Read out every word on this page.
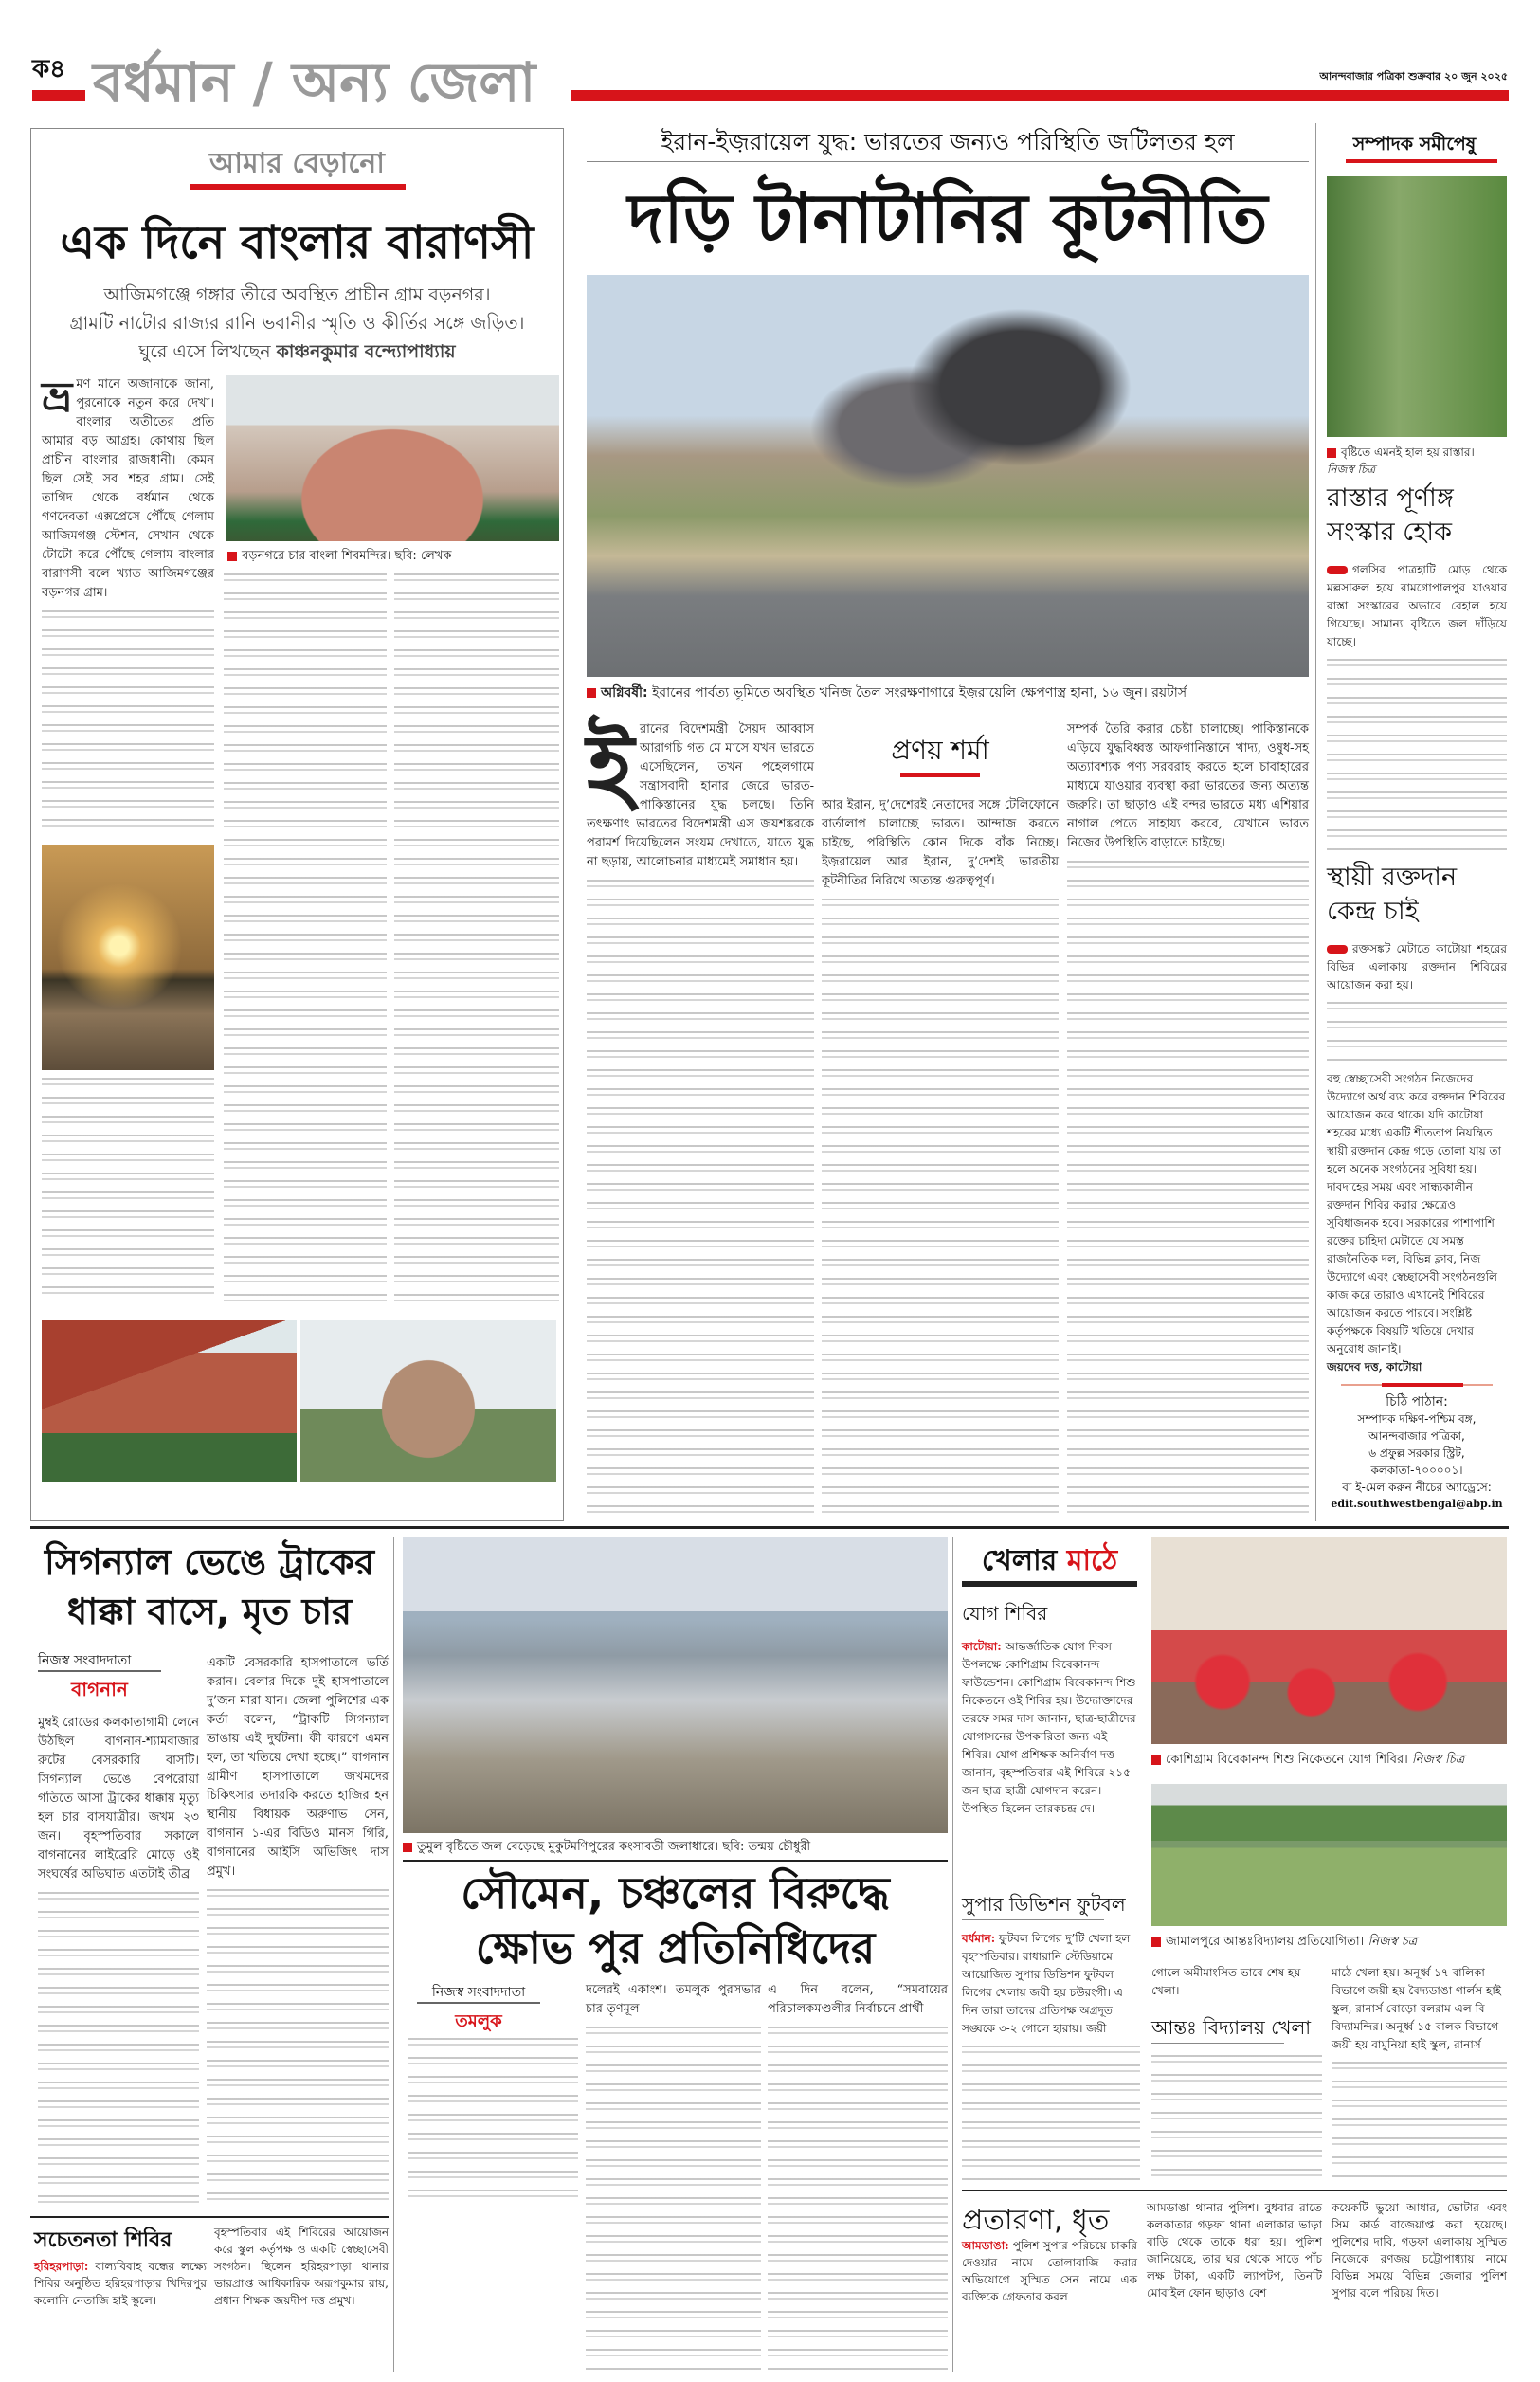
ক৪ বর্ধমান / অন্য জেলা	আনন্দবাজার পত্রিকা শুক্রবার ২০ জুন ২০২৫
আমার বেড়ানো
এক দিনে বাংলার বারাণসী
আজিমগঞ্জে গঙ্গার তীরে অবস্থিত প্রাচীন গ্রাম বড়নগর।
গ্রামটি নাটোর রাজ্যর রানি ভবানীর স্মৃতি ও কীর্তির সঙ্গে জড়িত।
ঘুরে এসে লিখছেন কাঞ্চনকুমার বন্দ্যোপাধ্যায়
ভ্র মণ মানে অজানাকে জানা, পুরনোকে নতুন করে দেখা। বাংলার অতীতের প্রতি আমার বড় আগ্রহ। কোথায় ছিল প্রাচীন বাংলার রাজধানী। কেমন ছিল সেই সব শহর গ্রাম। সেই তাগিদ থেকে বর্ধমান থেকে গণদেবতা এক্সপ্রেসে পৌঁছে গেলাম আজিমগঞ্জ স্টেশন, সেখান থেকে টোটো করে পৌঁছে গেলাম বাংলার বারাণসী বলে খ্যাত আজিমগঞ্জের বড়নগর গ্রাম।
বড়নগরে চার বাংলা শিবমন্দির। ছবি: লেখক
ইরান-ইজ়রায়েল যুদ্ধ: ভারতের জন্যও পরিস্থিতি জটিলতর হল
দড়ি টানাটানির কূটনীতি
অগ্নিবর্ষী: ইরানের পার্বত্য ভূমিতে অবস্থিত খনিজ তৈল সংরক্ষণাগারে ইজ়রায়েলি ক্ষেপণাস্ত্র হানা, ১৬ জুন। রয়টার্স
ইরানের বিদেশমন্ত্রী সৈয়দ আব্বাস আরাগচি গত মে মাসে যখন ভারতে এসেছিলেন, তখন পহেলগামে সন্ত্রাসবাদী হানার জেরে ভারত-পাকিস্তানের যুদ্ধ চলছে। তিনি তৎক্ষণাৎ ভারতের বিদেশমন্ত্রী এস জয়শঙ্করকে পরামর্শ দিয়েছিলেন সংযম দেখাতে, যাতে যুদ্ধ না ছড়ায়, আলোচনার মাধ্যমেই সমাধান হয়।
প্রণয় শর্মা
আর ইরান, দু’দেশেরই নেতাদের সঙ্গে টেলিফোনে বার্তালাপ চালাচ্ছে ভারত। আন্দাজ করতে চাইছে, পরিস্থিতি কোন দিকে বাঁক নিচ্ছে। ইজ়রায়েল আর ইরান, দু’দেশই ভারতীয় কূটনীতির নিরিখে অত্যন্ত গুরুত্বপূর্ণ।
সম্পর্ক তৈরি করার চেষ্টা চালাচ্ছে। পাকিস্তানকে এড়িয়ে যুদ্ধবিধ্বস্ত আফগানিস্তানে খাদ্য, ওষুধ-সহ অত্যাবশ্যক পণ্য সরবরাহ করতে হলে চাবাহারের মাধ্যমে যাওয়ার ব্যবস্থা করা ভারতের জন্য অত্যন্ত জরুরি। তা ছাড়াও এই বন্দর ভারতে মধ্য এশিয়ার নাগাল পেতে সাহায্য করবে, যেখানে ভারত নিজের উপস্থিতি বাড়াতে চাইছে।
সম্পাদক সমীপেষু
বৃষ্টিতে এমনই হাল হয় রাস্তার।
নিজস্ব চিত্র
রাস্তার পূর্ণাঙ্গ সংস্কার হোক
গলসির পাত্রহাটি মোড় থেকে মল্লসারুল হয়ে রামগোপালপুর যাওয়ার রাস্তা সংস্কারের অভাবে বেহাল হয়ে গিয়েছে। সামান্য বৃষ্টিতে জল দাঁড়িয়ে যাচ্ছে।
স্থায়ী রক্তদান কেন্দ্র চাই
রক্তসঙ্কট মেটাতে কাটোয়া শহরের বিভিন্ন এলাকায় রক্তদান শিবিরের আয়োজন করা হয়।
বহু স্বেচ্ছাসেবী সংগঠন নিজেদের উদ্যোগে অর্থ ব্যয় করে রক্তদান শিবিরের আয়োজন করে থাকে। যদি কাটোয়া শহরের মধ্যে একটি শীততাপ নিয়ন্ত্রিত স্থায়ী রক্তদান কেন্দ্র গড়ে তোলা যায় তা হলে অনেক সংগঠনের সুবিধা হয়। দাবদাহের সময় এবং সান্ধ্যকালীন রক্তদান শিবির করার ক্ষেত্রেও সুবিধাজনক হবে। সরকারের পাশাপাশি রক্তের চাহিদা মেটাতে যে সমস্ত রাজনৈতিক দল, বিভিন্ন ক্লাব, নিজ উদ্যোগে এবং স্বেচ্ছাসেবী সংগঠনগুলি কাজ করে তারাও এখানেই শিবিরের আয়োজন করতে পারবে। সংশ্লিষ্ট কর্তৃপক্ষকে বিষয়টি খতিয়ে দেখার অনুরোধ জানাই।
জয়দেব দত্ত, কাটোয়া
চিঠি পাঠান:
সম্পাদক দক্ষিণ-পশ্চিম বঙ্গ,
আনন্দবাজার পত্রিকা,
৬ প্রফুল্ল সরকার স্ট্রিট,
কলকাতা-৭০০০০১।
বা ই-মেল করুন নীচের অ্যাড্রেসে:
edit.southwestbengal@abp.in
সিগন্যাল ভেঙে ট্রাকের ধাক্কা বাসে, মৃত চার
নিজস্ব সংবাদদাতা
বাগনান
মুম্বই রোডের কলকাতাগামী লেনে উঠছিল বাগনান-শ্যামবাজার রুটের বেসরকারি বাসটি। সিগন্যাল ভেঙে বেপরোয়া গতিতে আসা ট্রাকের ধাক্কায় মৃত্যু হল চার বাসযাত্রীর। জখম ২৩ জন। বৃহস্পতিবার সকালে বাগনানের লাইব্রেরি মোড়ে ওই সংঘর্ষের অভিঘাত এতটাই তীব্র
একটি বেসরকারি হাসপাতালে ভর্তি করান। বেলার দিকে দুই হাসপাতালে দু’জন মারা যান। জেলা পুলিশের এক কর্তা বলেন, “ট্রাকটি সিগন্যাল ভাঙায় এই দুর্ঘটনা। কী কারণে এমন হল, তা খতিয়ে দেখা হচ্ছে।” বাগনান গ্রামীণ হাসপাতালে জখমদের চিকিৎসার তদারকি করতে হাজির হন স্থানীয় বিধায়ক অরুণাভ সেন, বাগনান ১-এর বিডিও মানস গিরি, বাগনানের আইসি অভিজিৎ দাস প্রমুখ।
তুমুল বৃষ্টিতে জল বেড়েছে মুকুটমণিপুরের কংসাবতী জলাধারে। ছবি: তন্ময় চৌধুরী
সৌমেন, চঞ্চলের বিরুদ্ধে
ক্ষোভ পুর প্রতিনিধিদের
নিজস্ব সংবাদদাতা
তমলুক
দলেরই একাংশ। তমলুক পুরসভার চার তৃণমূল
এ দিন বলেন, “সমবায়ের পরিচালকমণ্ডলীর নির্বাচনে প্রার্থী
সচেতনতা শিবির
হরিহরপাড়া: বাল্যবিবাহ বন্ধের লক্ষ্যে শিবির অনুষ্ঠিত হরিহরপাড়ার খিদিরপুর কলোনি নেতাজি হাই স্কুলে।
বৃহস্পতিবার এই শিবিরের আয়োজন করে স্কুল কর্তৃপক্ষ ও একটি স্বেচ্ছাসেবী সংগঠন। ছিলেন হরিহরপাড়া থানার ভারপ্রাপ্ত আধিকারিক অরূপকুমার রায়, প্রধান শিক্ষক জয়দীপ দত্ত প্রমুখ।
খেলার মাঠে
যোগ শিবির
কাটোয়া: আন্তর্জাতিক যোগ দিবস উপলক্ষে কোশিগ্রাম বিবেকানন্দ ফাউন্ডেশন। কোশিগ্রাম বিবেকানন্দ শিশু নিকেতনে ওই শিবির হয়। উদ্যোক্তাদের তরফে সমর দাস জানান, ছাত্র-ছাত্রীদের যোগাসনের উপকারিতা জন্য এই শিবির। যোগ প্রশিক্ষক অনির্বাণ দত্ত জানান, বৃহস্পতিবার এই শিবিরে ২১৫ জন ছাত্র-ছাত্রী যোগদান করেন। উপস্থিত ছিলেন তারকচন্দ্র দে।
কোশিগ্রাম বিবেকানন্দ শিশু নিকেতনে যোগ শিবির। নিজস্ব চিত্র
জামালপুরে আন্তঃবিদ্যালয় প্রতিযোগিতা। নিজস্ব চত্র
সুপার ডিভিশন ফুটবল
বর্ধমান: ফুটবল লিগের দু’টি খেলা হল বৃহস্পতিবার। রাধারানি স্টেডিয়ামে আয়োজিত সুপার ডিভিশন ফুটবল লিগের খেলায় জয়ী হয় চউরংগী। এ দিন তারা তাদের প্রতিপক্ষ অগ্রদূত সঙ্ঘকে ৩-২ গোলে হারায়। জয়ী
গোলে অমীমাংসিত ভাবে শেষ হয় খেলা।
আন্তঃ বিদ্যালয় খেলা
মাঠে খেলা হয়। অনূর্ধ্ব ১৭ বালিকা বিভাগে জয়ী হয় বৈদ্যডাঙা গার্লস হাই স্কুল, রানার্স বোড়ো বলরাম এল বি বিদ্যামন্দির। অনূর্ধ্ব ১৫ বালক বিভাগে জয়ী হয় বামুনিয়া হাই স্কুল, রানার্স
প্রতারণা, ধৃত
আমডাঙা: পুলিশ সুপার পরিচয়ে চাকরি দেওয়ার নামে তোলাবাজি করার অভিযোগে সুস্মিত সেন নামে এক ব্যক্তিকে গ্রেফতার করল
আমডাঙা থানার পুলিশ। বুধবার রাতে কলকাতার গড়ফা থানা এলাকার ভাড়া বাড়ি থেকে তাকে ধরা হয়। পুলিশ জানিয়েছে, তার ঘর থেকে সাড়ে পাঁচ লক্ষ টাকা, একটি ল্যাপটপ, তিনটি মোবাইল ফোন ছাড়াও বেশ
কয়েকটি ভুয়ো আধার, ভোটার এবং সিম কার্ড বাজেয়াপ্ত করা হয়েছে। পুলিশের দাবি, গড়ফা এলাকায় সুস্মিত নিজেকে রণজয় চট্টোপাধ্যায় নামে বিভিন্ন সময়ে বিভিন্ন জেলার পুলিশ সুপার বলে পরিচয় দিত।
